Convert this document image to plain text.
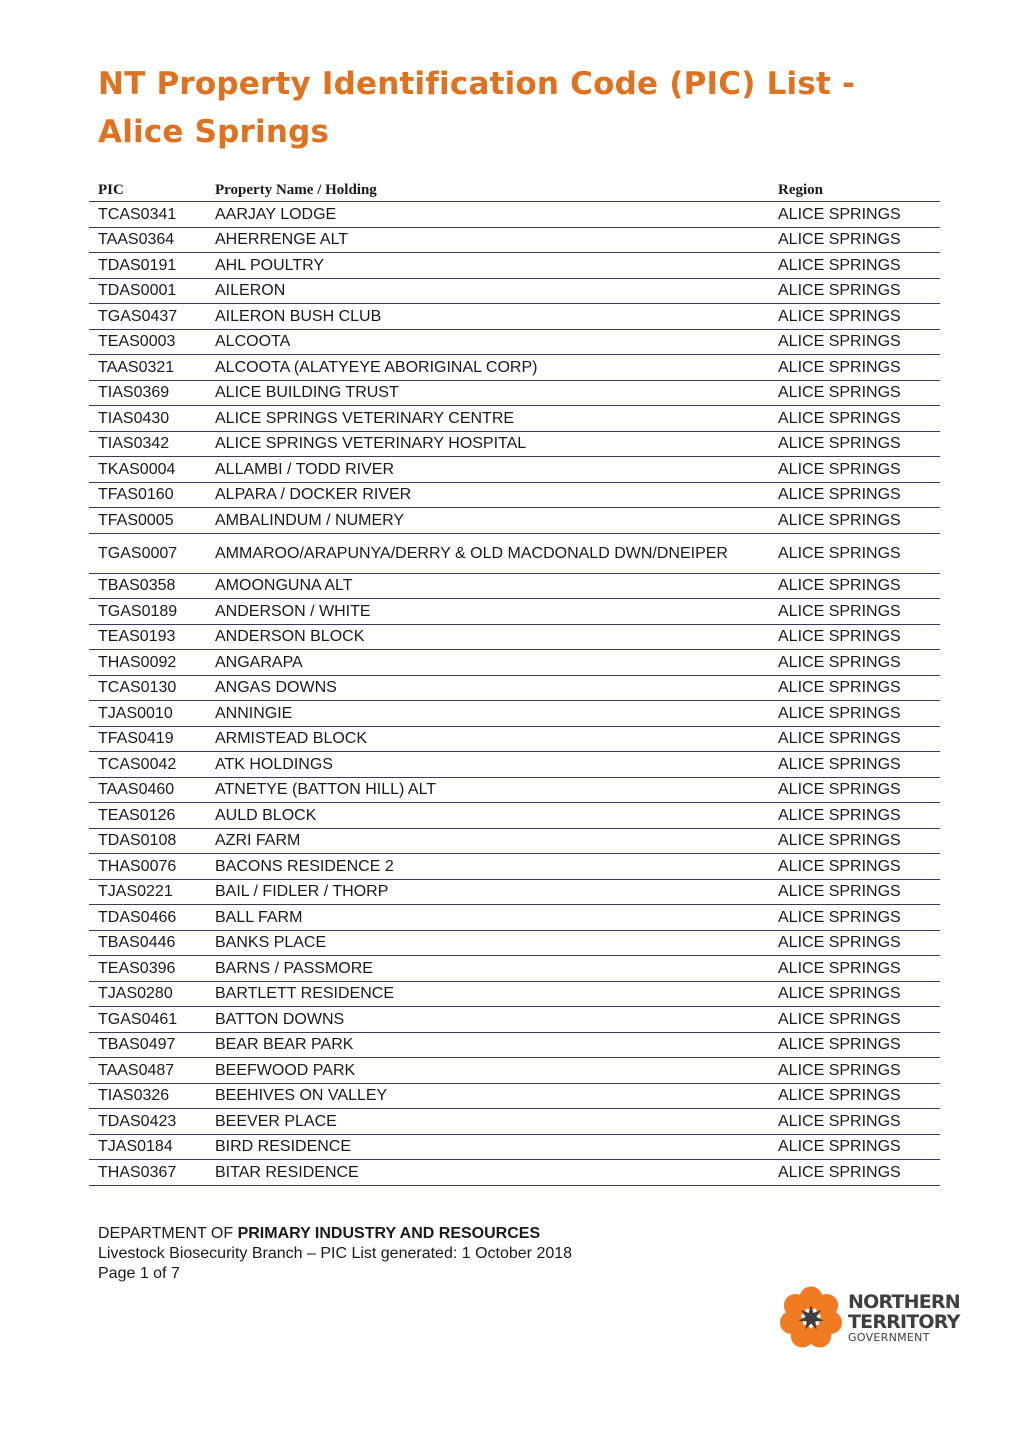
NT Property Identification Code (PIC) List - Alice Springs
PIC	Property Name / Holding	Region
TCAS0341	AARJAY LODGE	ALICE SPRINGS
TAAS0364	AHERRENGE ALT	ALICE SPRINGS
TDAS0191	AHL POULTRY	ALICE SPRINGS
TDAS0001	AILERON	ALICE SPRINGS
TGAS0437	AILERON BUSH CLUB	ALICE SPRINGS
TEAS0003	ALCOOTA	ALICE SPRINGS
TAAS0321	ALCOOTA (ALATYEYE ABORIGINAL CORP)	ALICE SPRINGS
TIAS0369	ALICE BUILDING TRUST	ALICE SPRINGS
TIAS0430	ALICE SPRINGS VETERINARY CENTRE	ALICE SPRINGS
TIAS0342	ALICE SPRINGS VETERINARY HOSPITAL	ALICE SPRINGS
TKAS0004	ALLAMBI / TODD RIVER	ALICE SPRINGS
TFAS0160	ALPARA / DOCKER RIVER	ALICE SPRINGS
TFAS0005	AMBALINDUM / NUMERY	ALICE SPRINGS
TGAS0007	AMMAROO/ARAPUNYA/DERRY & OLD MACDONALD DWN/DNEIPER	ALICE SPRINGS
TBAS0358	AMOONGUNA ALT	ALICE SPRINGS
TGAS0189	ANDERSON / WHITE	ALICE SPRINGS
TEAS0193	ANDERSON BLOCK	ALICE SPRINGS
THAS0092	ANGARAPA	ALICE SPRINGS
TCAS0130	ANGAS DOWNS	ALICE SPRINGS
TJAS0010	ANNINGIE	ALICE SPRINGS
TFAS0419	ARMISTEAD BLOCK	ALICE SPRINGS
TCAS0042	ATK HOLDINGS	ALICE SPRINGS
TAAS0460	ATNETYE (BATTON HILL) ALT	ALICE SPRINGS
TEAS0126	AULD BLOCK	ALICE SPRINGS
TDAS0108	AZRI FARM	ALICE SPRINGS
THAS0076	BACONS RESIDENCE 2	ALICE SPRINGS
TJAS0221	BAIL / FIDLER / THORP	ALICE SPRINGS
TDAS0466	BALL FARM	ALICE SPRINGS
TBAS0446	BANKS PLACE	ALICE SPRINGS
TEAS0396	BARNS / PASSMORE	ALICE SPRINGS
TJAS0280	BARTLETT RESIDENCE	ALICE SPRINGS
TGAS0461	BATTON DOWNS	ALICE SPRINGS
TBAS0497	BEAR BEAR PARK	ALICE SPRINGS
TAAS0487	BEEFWOOD PARK	ALICE SPRINGS
TIAS0326	BEEHIVES ON VALLEY	ALICE SPRINGS
TDAS0423	BEEVER PLACE	ALICE SPRINGS
TJAS0184	BIRD RESIDENCE	ALICE SPRINGS
THAS0367	BITAR RESIDENCE	ALICE SPRINGS
DEPARTMENT OF PRIMARY INDUSTRY AND RESOURCES
Livestock Biosecurity Branch – PIC List generated: 1 October 2018
Page 1 of 7
NORTHERN
TERRITORY
GOVERNMENT
